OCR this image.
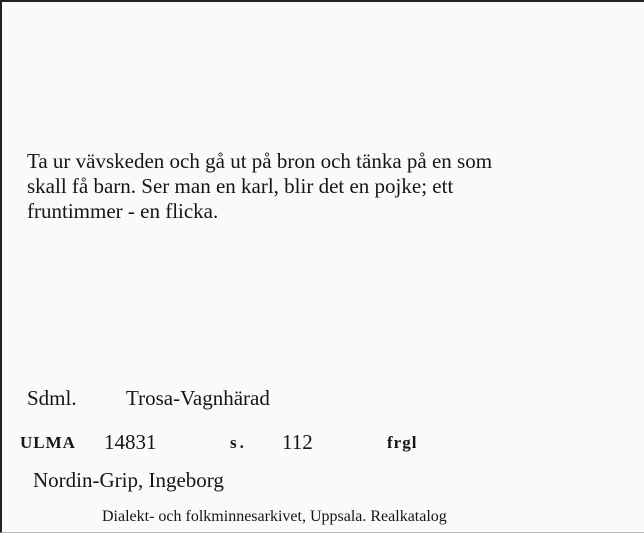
Ta ur vävskeden och gå ut på bron och tänka på en som
skall få barn. Ser man en karl, blir det en pojke; ett
fruntimmer - en flicka.
Sdml. Trosa-Vagnhärad
ULMA 14831	s. 112	frgl
Nordin-Grip, Ingeborg
Dialekt- och folkminnesarkivet, Uppsala. Realkatalog
